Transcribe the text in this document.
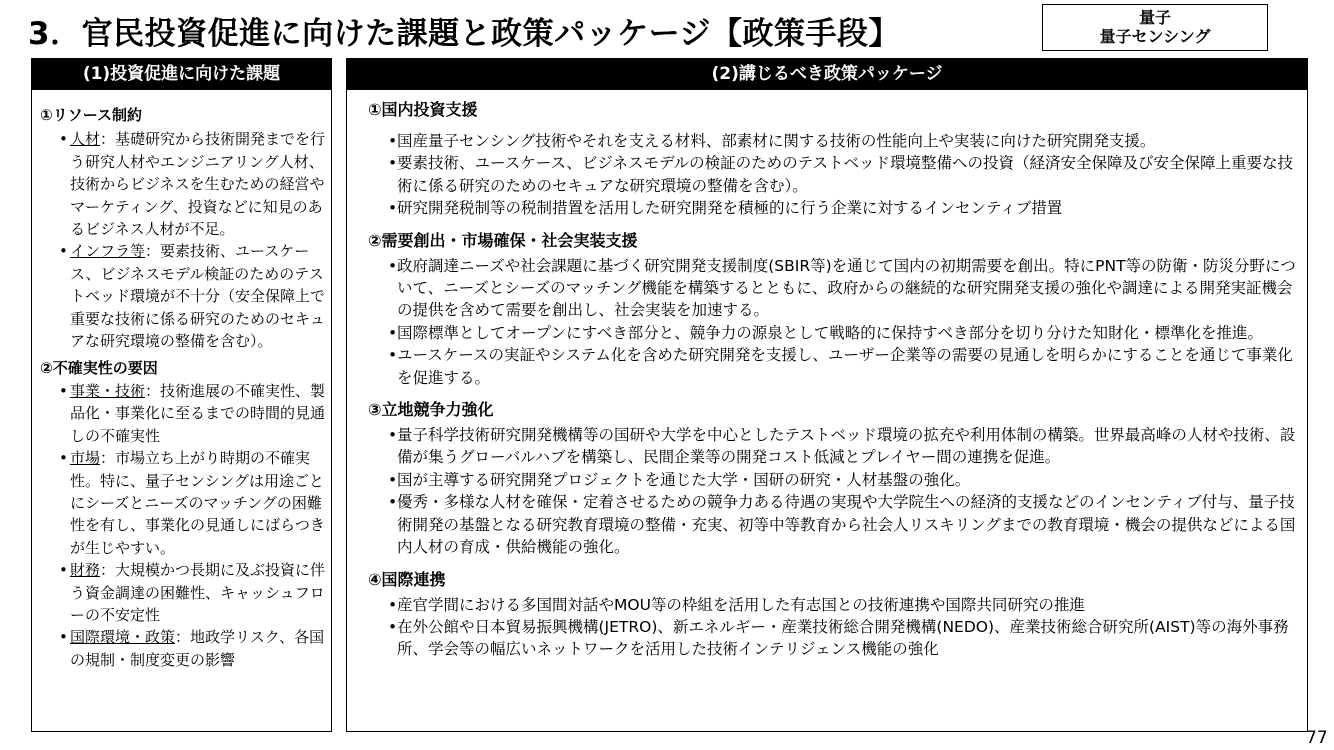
3．官民投資促進に向けた課題と政策パッケージ【政策手段】	量子
量子センシング
(1)投資促進に向けた課題
①リソース制約
• 人材：基礎研究から技術開発までを行う研究人材やエンジニアリング人材、技術からビジネスを生むための経営やマーケティング、投資などに知見のあるビジネス人材が不足。
• インフラ等：要素技術、ユースケース、ビジネスモデル検証のためのテストベッド環境が不十分（安全保障上で重要な技術に係る研究のためのセキュアな研究環境の整備を含む）。
②不確実性の要因
• 事業・技術：技術進展の不確実性、製品化・事業化に至るまでの時間的見通しの不確実性
• 市場：市場立ち上がり時期の不確実性。特に、量子センシングは用途ごとにシーズとニーズのマッチングの困難性を有し、事業化の見通しにばらつきが生じやすい。
• 財務：大規模かつ長期に及ぶ投資に伴う資金調達の困難性、キャッシュフローの不安定性
• 国際環境・政策：地政学リスク、各国の規制・制度変更の影響
(2)講じるべき政策パッケージ
①国内投資支援
• 国産量子センシング技術やそれを支える材料、部素材に関する技術の性能向上や実装に向けた研究開発支援。
• 要素技術、ユースケース、ビジネスモデルの検証のためのテストベッド環境整備への投資（経済安全保障及び安全保障上重要な技術に係る研究のためのセキュアな研究環境の整備を含む）。
• 研究開発税制等の税制措置を活用した研究開発を積極的に行う企業に対するインセンティブ措置
②需要創出・市場確保・社会実装支援
• 政府調達ニーズや社会課題に基づく研究開発支援制度(SBIR等)を通じて国内の初期需要を創出。特にPNT等の防衛・防災分野について、ニーズとシーズのマッチング機能を構築するとともに、政府からの継続的な研究開発支援の強化や調達による開発実証機会の提供を含めて需要を創出し、社会実装を加速する。
• 国際標準としてオープンにすべき部分と、競争力の源泉として戦略的に保持すべき部分を切り分けた知財化・標準化を推進。
• ユースケースの実証やシステム化を含めた研究開発を支援し、ユーザー企業等の需要の見通しを明らかにすることを通じて事業化を促進する。
③立地競争力強化
• 量子科学技術研究開発機構等の国研や大学を中心としたテストベッド環境の拡充や利用体制の構築。世界最高峰の人材や技術、設備が集うグローバルハブを構築し、民間企業等の開発コスト低減とプレイヤー間の連携を促進。
• 国が主導する研究開発プロジェクトを通じた大学・国研の研究・人材基盤の強化。
• 優秀・多様な人材を確保・定着させるための競争力ある待遇の実現や大学院生への経済的支援などのインセンティブ付与、量子技術開発の基盤となる研究教育環境の整備・充実、初等中等教育から社会人リスキリングまでの教育環境・機会の提供などによる国内人材の育成・供給機能の強化。
④国際連携
• 産官学間における多国間対話やMOU等の枠組を活用した有志国との技術連携や国際共同研究の推進
• 在外公館や日本貿易振興機構(JETRO)、新エネルギー・産業技術総合開発機構(NEDO)、産業技術総合研究所(AIST)等の海外事務所、学会等の幅広いネットワークを活用した技術インテリジェンス機能の強化
77
